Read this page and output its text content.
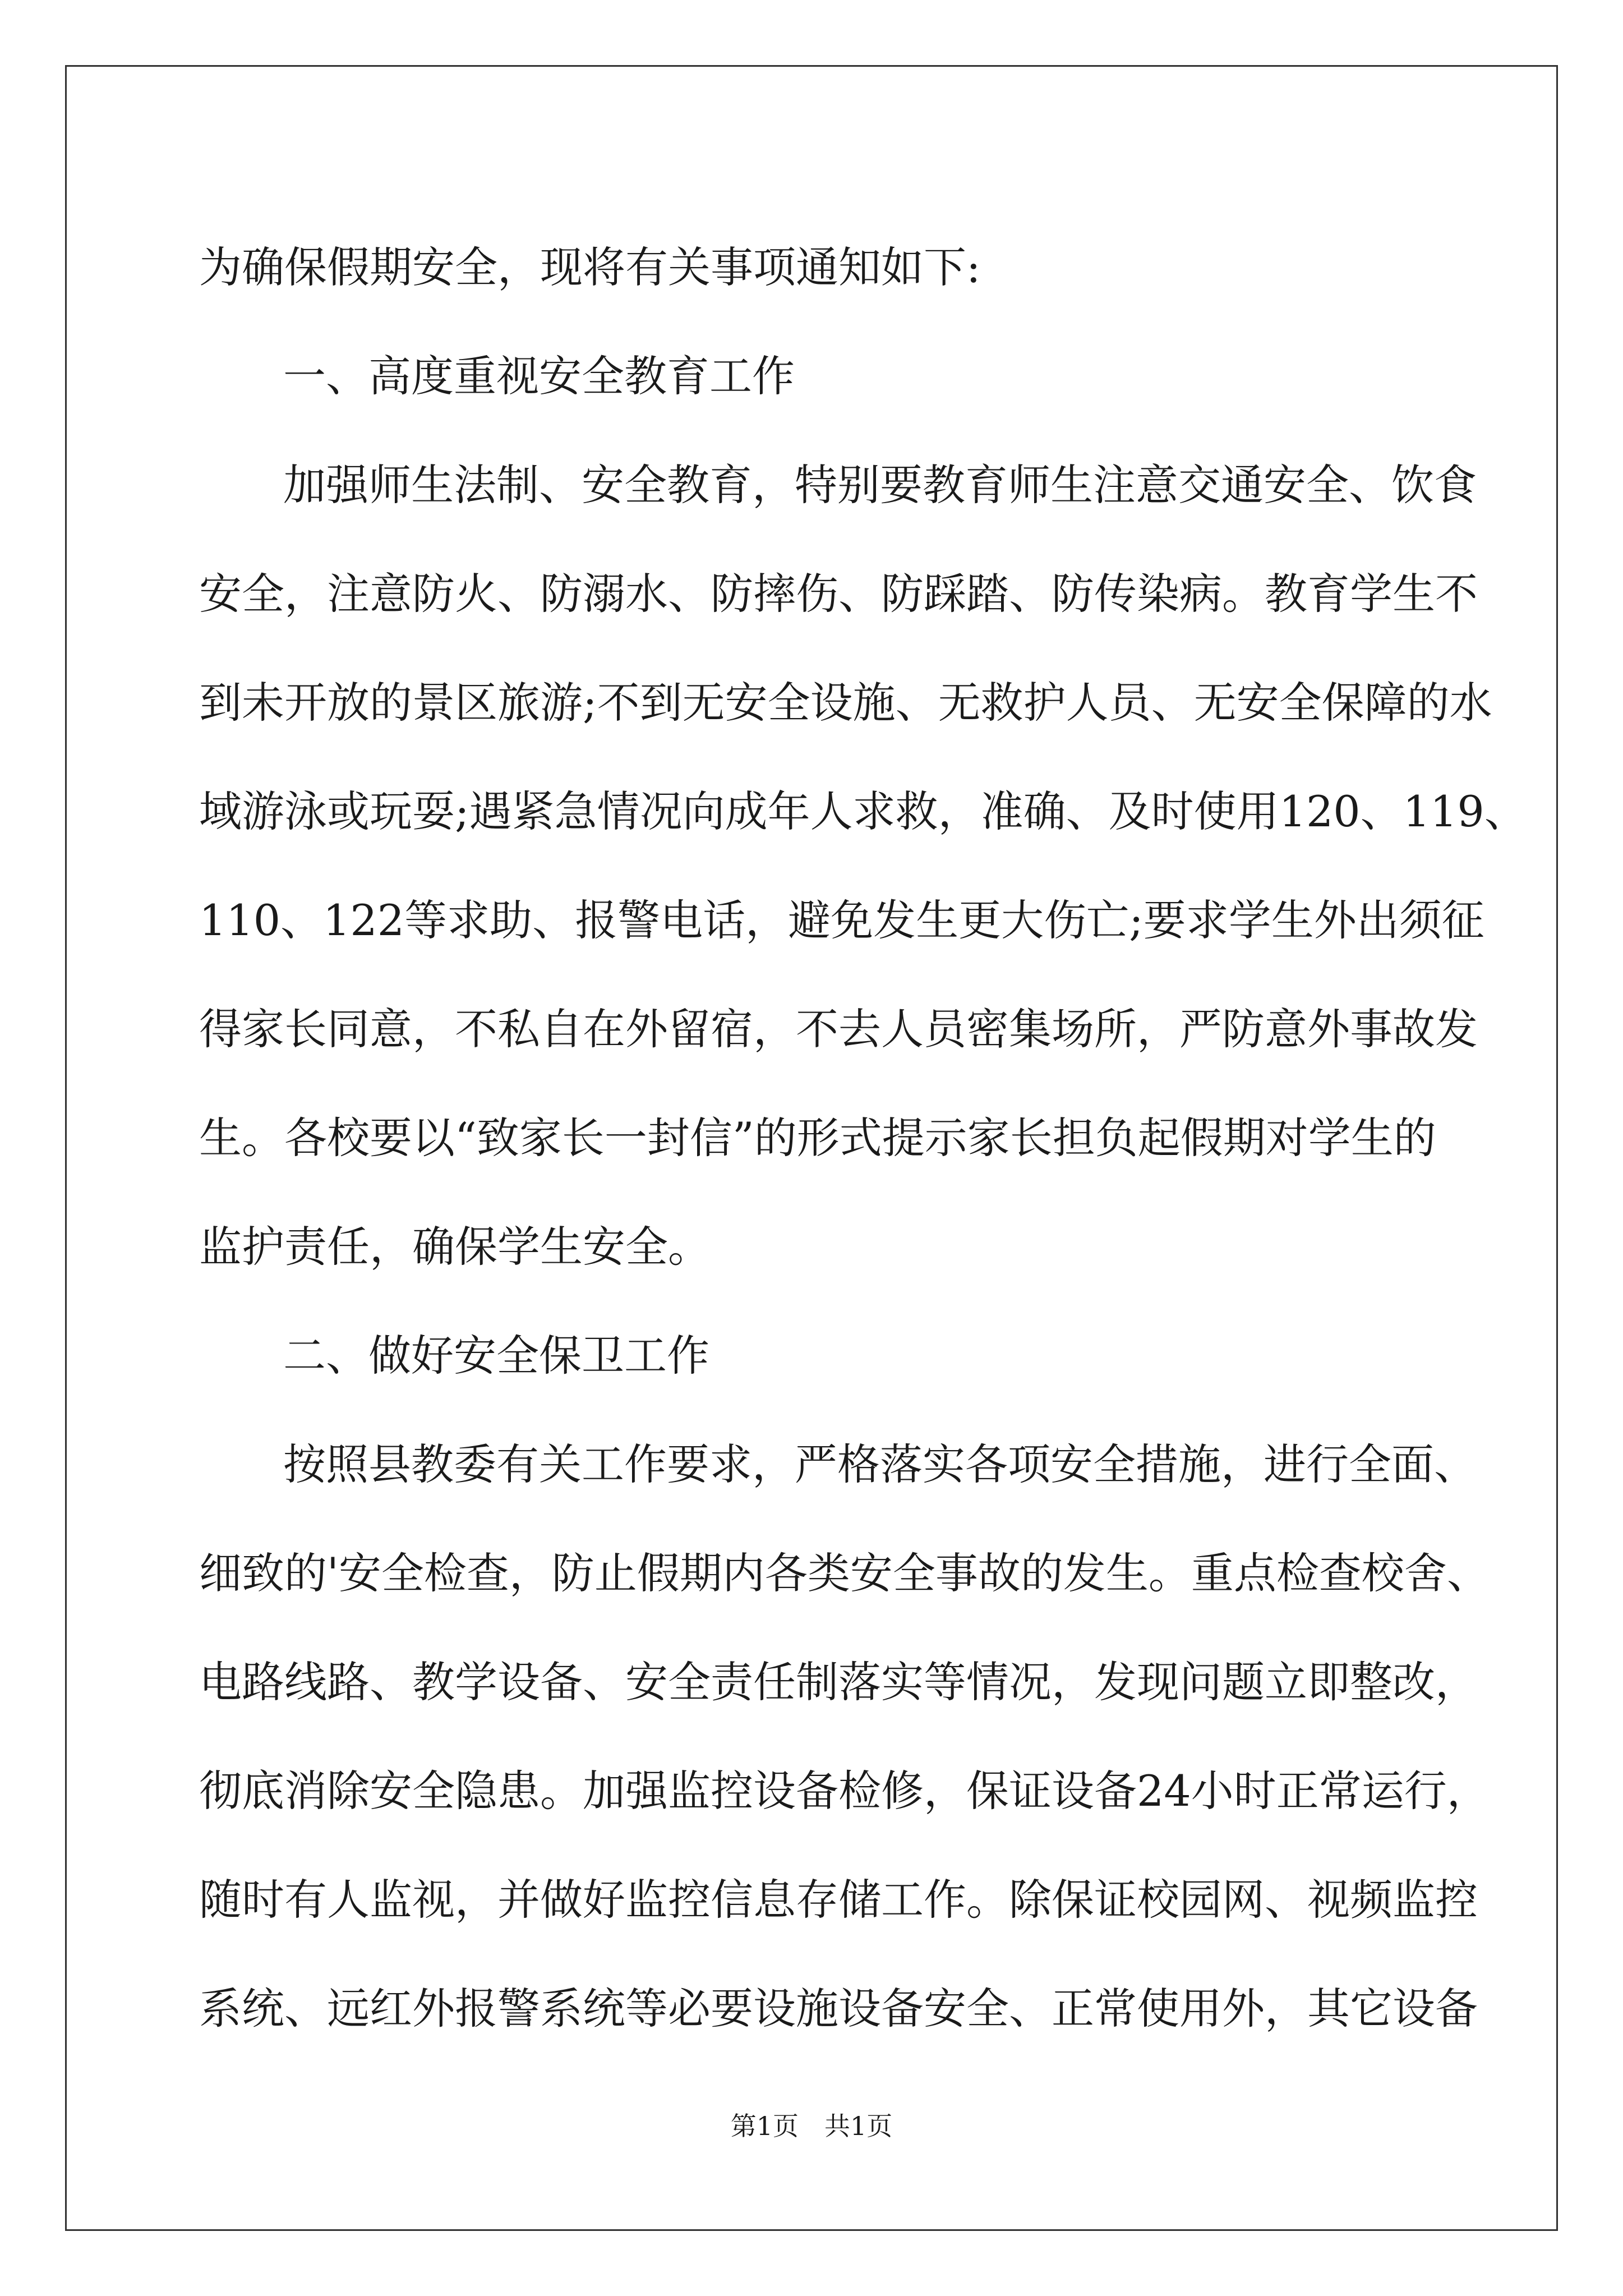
为确保假期安全，现将有关事项通知如下:
一、高度重视安全教育工作
加强师生法制、安全教育，特别要教育师生注意交通安全、饮食
安全，注意防火、防溺水、防摔伤、防踩踏、防传染病。教育学生不
到未开放的景区旅游;不到无安全设施、无救护人员、无安全保障的水
域游泳或玩耍;遇紧急情况向成年人求救，准确、及时使用120、119、
110、122等求助、报警电话，避免发生更大伤亡;要求学生外出须征
得家长同意，不私自在外留宿，不去人员密集场所，严防意外事故发
生。各校要以“致家长一封信”的形式提示家长担负起假期对学生的
监护责任，确保学生安全。
二、做好安全保卫工作
按照县教委有关工作要求，严格落实各项安全措施，进行全面、
细致的'安全检查，防止假期内各类安全事故的发生。重点检查校舍、
电路线路、教学设备、安全责任制落实等情况，发现问题立即整改，
彻底消除安全隐患。加强监控设备检修，保证设备24小时正常运行，
随时有人监视，并做好监控信息存储工作。除保证校园网、视频监控
系统、远红外报警系统等必要设施设备安全、正常使用外，其它设备
第1页　共1页
